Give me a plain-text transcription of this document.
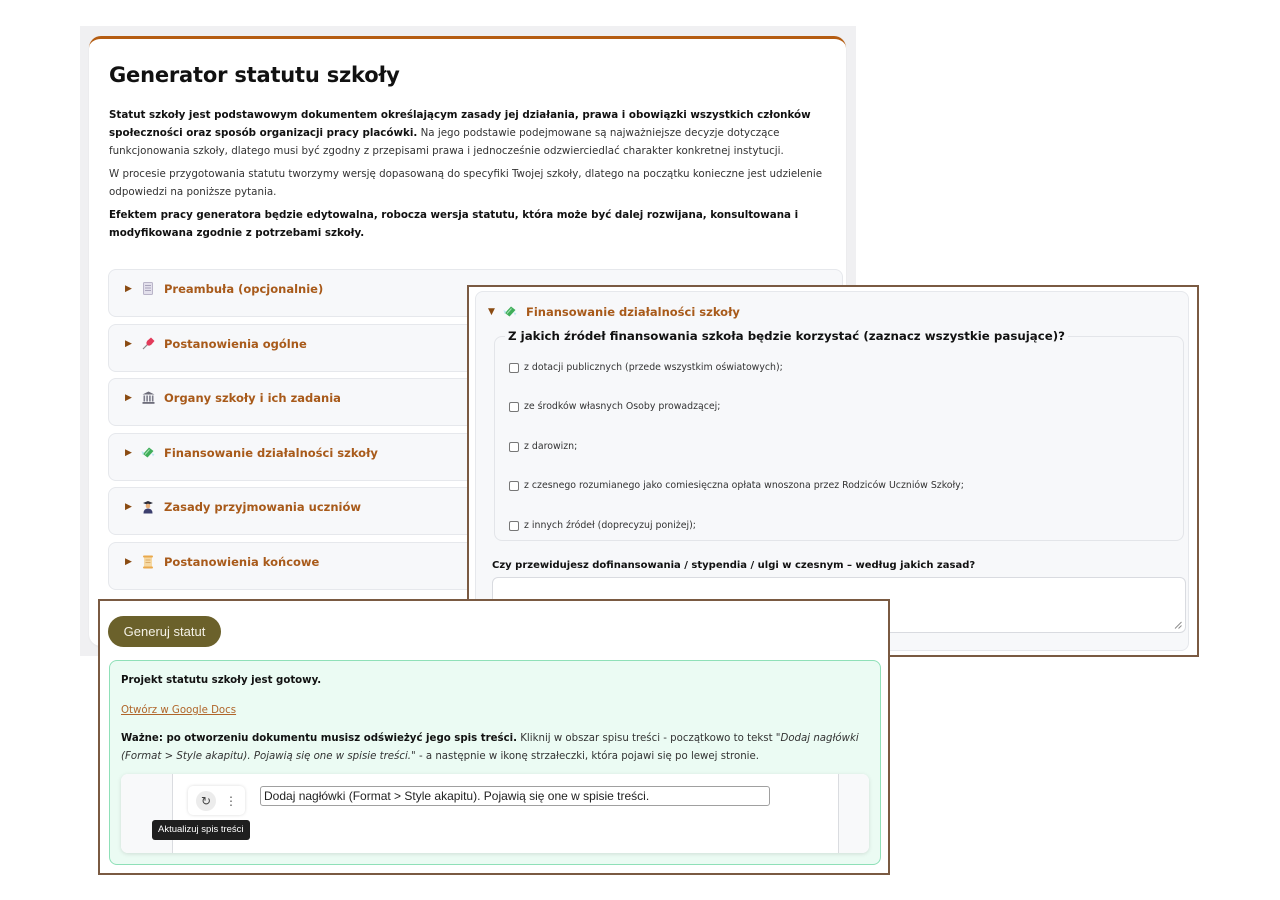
Generator statutu szkoły

Statut szkoły jest podstawowym dokumentem określającym zasady jej działania, prawa i obowiązki wszystkich członków społeczności oraz sposób organizacji pracy placówki. Na jego podstawie podejmowane są najważniejsze decyzje dotyczące funkcjonowania szkoły, dlatego musi być zgodny z przepisami prawa i jednocześnie odzwierciedlać charakter konkretnej instytucji.

W procesie przygotowania statutu tworzymy wersję dopasowaną do specyfiki Twojej szkoły, dlatego na początku konieczne jest udzielenie odpowiedzi na poniższe pytania.

Efektem pracy generatora będzie edytowalna, robocza wersja statutu, która może być dalej rozwijana, konsultowana i modyfikowana zgodnie z potrzebami szkoły.

▶	Preambuła (opcjonalnie)
▶	Postanowienia ogólne
▶	Organy szkoły i ich zadania
▶	Finansowanie działalności szkoły
▶	Zasady przyjmowania uczniów
▶	Postanowienia końcowe
▼	Finansowanie działalności szkoły
Z jakich źródeł finansowania szkoła będzie korzystać (zaznacz wszystkie pasujące)?
z dotacji publicznych (przede wszystkim oświatowych);
ze środków własnych Osoby prowadzącej;
z darowizn;
z czesnego rozumianego jako comiesięczna opłata wnoszona przez Rodziców Uczniów Szkoły;
z innych źródeł (doprecyzuj poniżej);
Czy przewidujesz dofinansowania / stypendia / ulgi w czesnym – według jakich zasad?
Generuj statut
Projekt statutu szkoły jest gotowy.
Otwórz w Google Docs
Ważne: po otworzeniu dokumentu musisz odświeżyć jego spis treści. Kliknij w obszar spisu treści - początkowo to tekst "Dodaj nagłówki (Format > Style akapitu). Pojawią się one w spisie treści." - a następnie w ikonę strzałeczki, która pojawi się po lewej stronie.
↻	⋮	Dodaj nagłówki (Format > Style akapitu). Pojawią się one w spisie treści.
Aktualizuj spis treści
